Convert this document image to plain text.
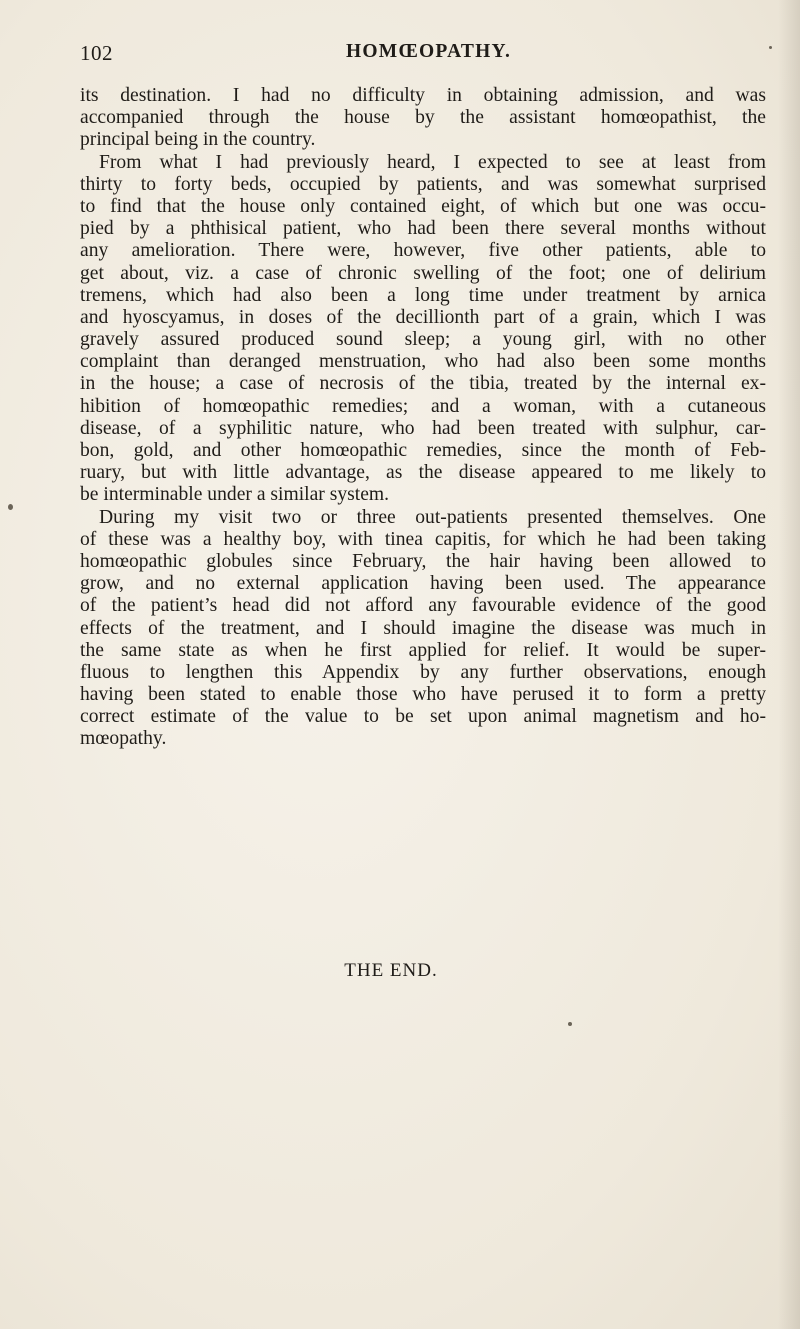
102	HOMŒOPATHY.
its destination. I had no difficulty in obtaining admission, and was
accompanied through the house by the assistant homœopathist, the
principal being in the country.
From what I had previously heard, I expected to see at least from
thirty to forty beds, occupied by patients, and was somewhat surprised
to find that the house only contained eight, of which but one was occu-
pied by a phthisical patient, who had been there several months without
any amelioration. There were, however, five other patients, able to
get about, viz. a case of chronic swelling of the foot; one of delirium
tremens, which had also been a long time under treatment by arnica
and hyoscyamus, in doses of the decillionth part of a grain, which I was
gravely assured produced sound sleep; a young girl, with no other
complaint than deranged menstruation, who had also been some months
in the house; a case of necrosis of the tibia, treated by the internal ex-
hibition of homœopathic remedies; and a woman, with a cutaneous
disease, of a syphilitic nature, who had been treated with sulphur, car-
bon, gold, and other homœopathic remedies, since the month of Feb-
ruary, but with little advantage, as the disease appeared to me likely to
be interminable under a similar system.
During my visit two or three out-patients presented themselves. One
of these was a healthy boy, with tinea capitis, for which he had been taking
homœopathic globules since February, the hair having been allowed to
grow, and no external application having been used. The appearance
of the patient’s head did not afford any favourable evidence of the good
effects of the treatment, and I should imagine the disease was much in
the same state as when he first applied for relief. It would be super-
fluous to lengthen this Appendix by any further observations, enough
having been stated to enable those who have perused it to form a pretty
correct estimate of the value to be set upon animal magnetism and ho-
mœopathy.
THE END.
